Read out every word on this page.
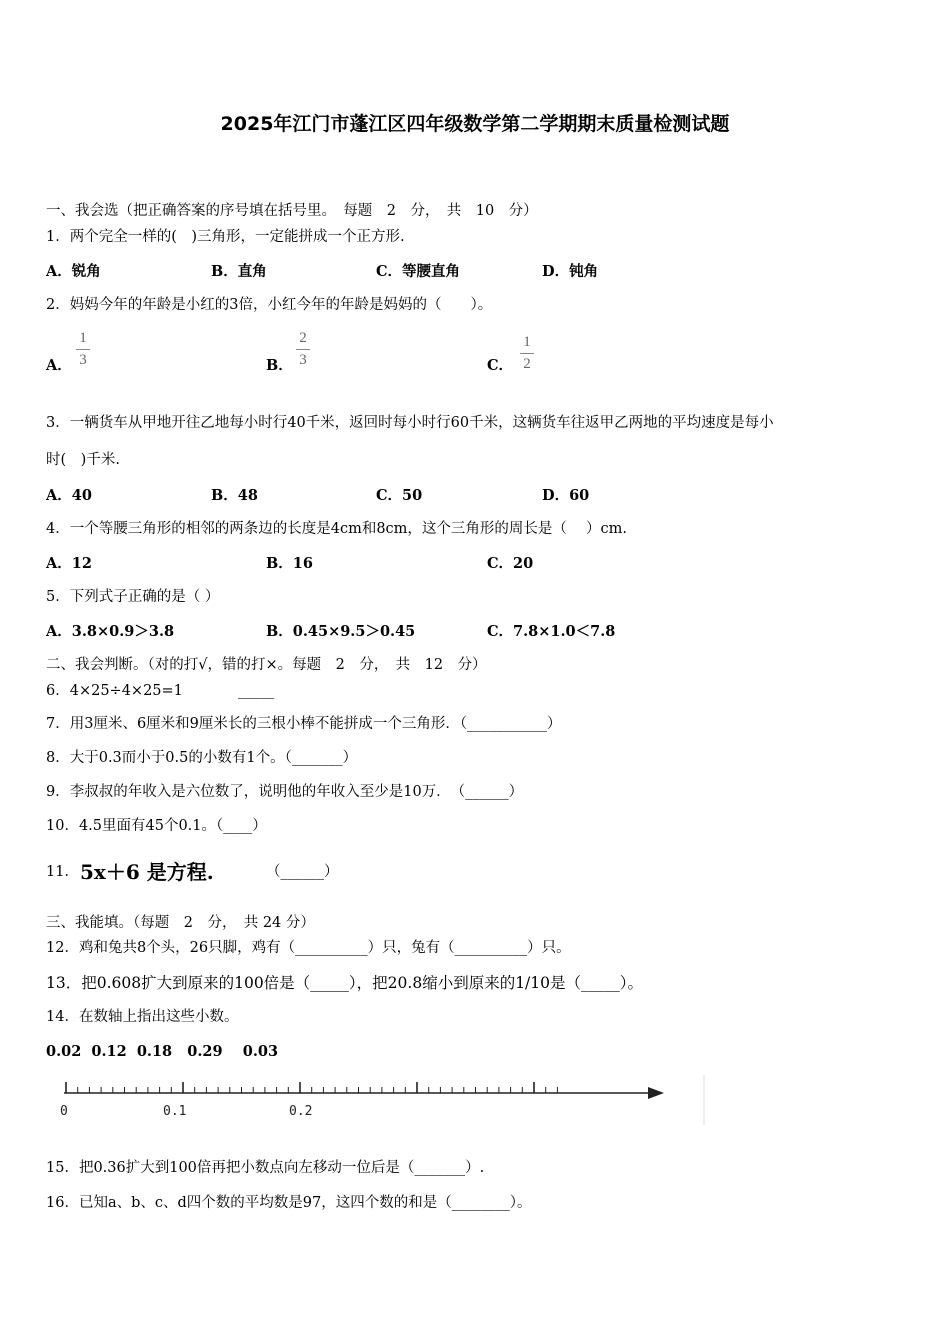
2025年江门市蓬江区四年级数学第二学期期末质量检测试题
一、我会选（把正确答案的序号填在括号里。　每题　2　分，　共　10　分）
1．两个完全一样的(　)三角形，一定能拼成一个正方形.
A．锐角	B．直角	C．等腰直角	D．钝角
2．妈妈今年的年龄是小红的3倍，小红今年的年龄是妈妈的（　　）。
A．
1
3	B．
2
3	C．
1
2
3．一辆货车从甲地开往乙地每小时行40千米，返回时每小时行60千米，这辆货车往返甲乙两地的平均速度是每小
时(　)千米.
A．40	B．48	C．50	D．60
4．一个等腰三角形的相邻的两条边的长度是4cm和8cm，这个三角形的周长是（　 ）cm.
A．12	B．16	C．20
5．下列式子正确的是（ ）
A．3.8×0.9＞3.8	B．0.45×9.5＞0.45	C．7.8×1.0＜7.8
二、我会判断。（对的打√，错的打×。每题　2　分，　共　12　分）
6．4×25÷4×25=1	_____
7．用3厘米、6厘米和9厘米长的三根小棒不能拼成一个三角形．（___________）
8．大于0.3而小于0.5的小数有1个。（_______）
9．李叔叔的年收入是六位数了，说明他的年收入至少是10万．　（______）
10．4.5里面有45个0.1。（____）
11． 5x＋6 是方程.	（______）
三、我能填。（每题　2　分，　共 24 分）
12．鸡和兔共8个头，26只脚，鸡有（__________）只，兔有（__________）只。
13．把0.608扩大到原来的100倍是（_____），把20.8缩小到原来的1/10是（_____）。
14．在数轴上指出这些小数。
0.02  0.12  0.18   0.29    0.03
0	0.1	0.2
15．把0.36扩大到100倍再把小数点向左移动一位后是（_______）.
16．已知a、b、c、d四个数的平均数是97，这四个数的和是（________）。
